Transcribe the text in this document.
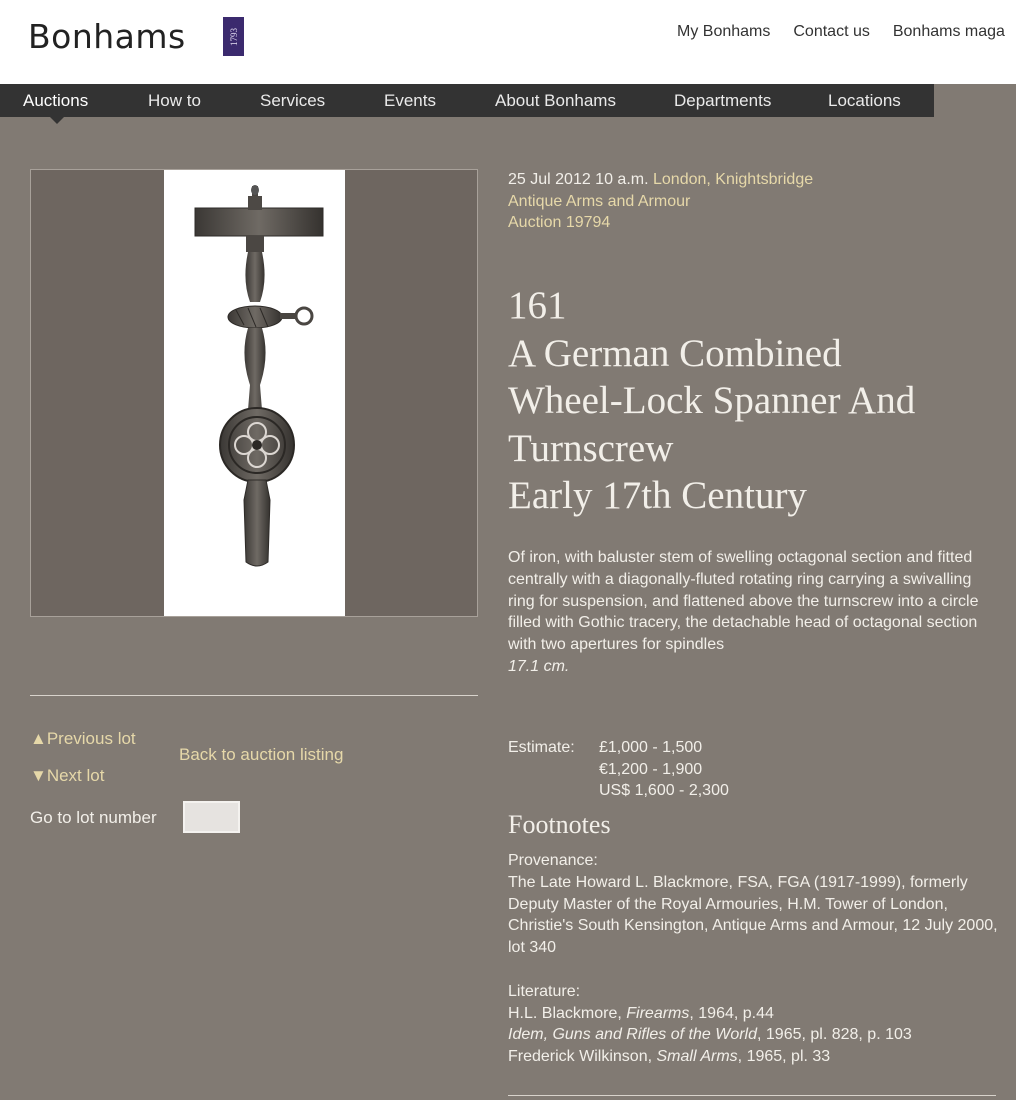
Bonhams	1793	My Bonhams Contact us Bonhams maga
Auctions	How to	Services	Events	About Bonhams	Departments	Locations
▲Previous lot
▼Next lot
Back to auction listing
Go to lot number
25 Jul 2012 10 a.m. London, Knightsbridge
Antique Arms and Armour
Auction 19794
161
A German Combined
Wheel-Lock Spanner And
Turnscrew
Early 17th Century
Of iron, with baluster stem of swelling octagonal section and fitted centrally with a diagonally-fluted rotating ring carrying a swivalling ring for suspension, and flattened above the turnscrew into a circle filled with Gothic tracery, the detachable head of octagonal section with two apertures for spindles
17.1 cm.
Estimate: £1,000 - 1,500
€1,200 - 1,900
US$ 1,600 - 2,300
Footnotes

Provenance:

The Late Howard L. Blackmore, FSA, FGA (1917-1999), formerly Deputy Master of the Royal Armouries, H.M. Tower of London, Christie's South Kensington, Antique Arms and Armour, 12 July 2000, lot 340

Literature:

H.L. Blackmore, Firearms, 1964, p.44

Idem, Guns and Rifles of the World, 1965, pl. 828, p. 103

Frederick Wilkinson, Small Arms, 1965, pl. 33
